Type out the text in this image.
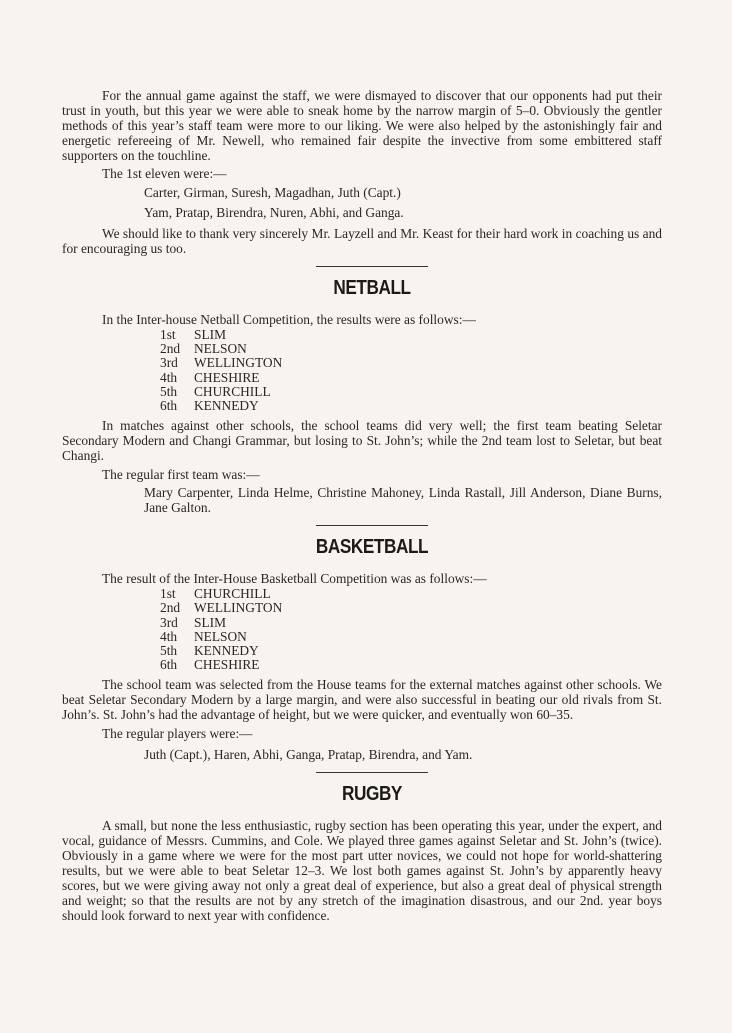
For the annual game against the staff, we were dismayed to discover that our opponents had put their trust in youth, but this year we were able to sneak home by the narrow margin of 5–0. Obviously the gentler methods of this year’s staff team were more to our liking. We were also helped by the astonishingly fair and energetic refereeing of Mr. Newell, who remained fair despite the invective from some embittered staff supporters on the touchline.

The 1st eleven were:—
Carter, Girman, Suresh, Magadhan, Juth (Capt.)
Yam, Pratap, Birendra, Nuren, Abhi, and Ganga.

We should like to thank very sincerely Mr. Layzell and Mr. Keast for their hard work in coaching us and for encouraging us too.

NETBALL
In the Inter-house Netball Competition, the results were as follows:—
1st	SLIM
2nd	NELSON
3rd	WELLINGTON
4th	CHESHIRE
5th	CHURCHILL
6th	KENNEDY

In matches against other schools, the school teams did very well; the first team beating Seletar Secondary Modern and Changi Grammar, but losing to St. John’s; while the 2nd team lost to Seletar, but beat Changi.

The regular first team was:—
Mary Carpenter, Linda Helme, Christine Mahoney, Linda Rastall, Jill Anderson, Diane Burns, Jane Galton.
BASKETBALL
The result of the Inter-House Basketball Competition was as follows:—
1st	CHURCHILL
2nd	WELLINGTON
3rd	SLIM
4th	NELSON
5th	KENNEDY
6th	CHESHIRE

The school team was selected from the House teams for the external matches against other schools. We beat Seletar Secondary Modern by a large margin, and were also successful in beating our old rivals from St. John’s. St. John’s had the advantage of height, but we were quicker, and eventually won 60–35.

The regular players were:—
Juth (Capt.), Haren, Abhi, Ganga, Pratap, Birendra, and Yam.
RUGBY

A small, but none the less enthusiastic, rugby section has been operating this year, under the expert, and vocal, guidance of Messrs. Cummins, and Cole. We played three games against Seletar and St. John’s (twice). Obviously in a game where we were for the most part utter novices, we could not hope for world-shattering results, but we were able to beat Seletar 12–3. We lost both games against St. John’s by apparently heavy scores, but we were giving away not only a great deal of experience, but also a great deal of physical strength and weight; so that the results are not by any stretch of the imagination disastrous, and our 2nd. year boys should look forward to next year with confidence.
